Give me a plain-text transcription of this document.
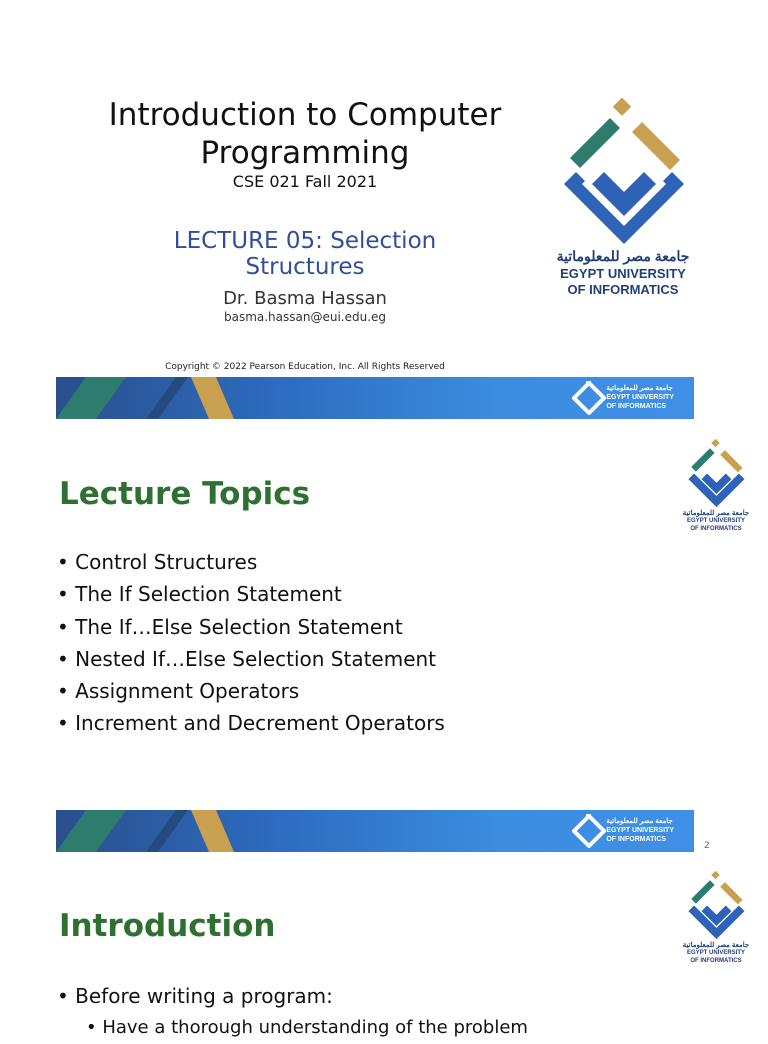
Introduction to Computer
Programming
CSE 021 Fall 2021
LECTURE 05: Selection
Structures
Dr. Basma Hassan
basma.hassan@eui.edu.eg
جامعة مصر للمعلوماتية
EGYPT UNIVERSITY
OF INFORMATICS
Copyright © 2022 Pearson Education, Inc. All Rights Reserved
جامعة مصر للمعلوماتية
EGYPT UNIVERSITY
OF INFORMATICS
Lecture Topics
جامعة مصر للمعلوماتية
EGYPT UNIVERSITY
OF INFORMATICS
• Control Structures
• The If Selection Statement
• The If…Else Selection Statement
• Nested If…Else Selection Statement
• Assignment Operators
• Increment and Decrement Operators
جامعة مصر للمعلوماتية
EGYPT UNIVERSITY
OF INFORMATICS
2
Introduction
جامعة مصر للمعلوماتية
EGYPT UNIVERSITY
OF INFORMATICS
• Before writing a program:
• Have a thorough understanding of the problem
